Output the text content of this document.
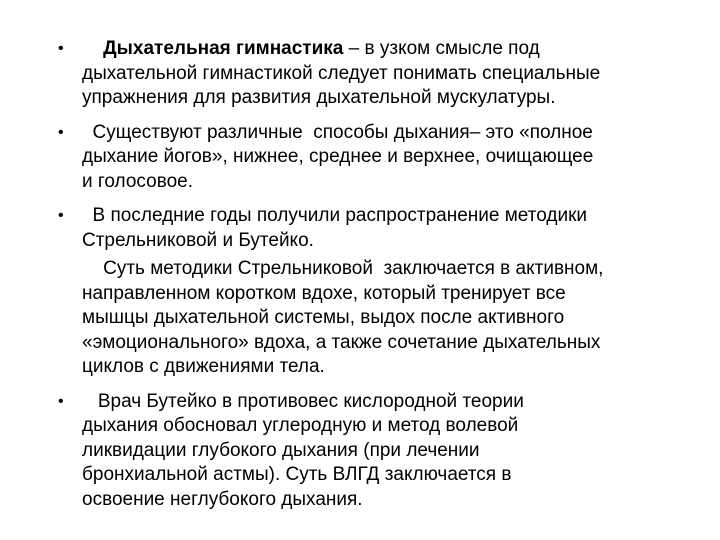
•	Дыхательная гимнастика – в узком смысле под
дыхательной гимнастикой следует понимать специальные
упражнения для развития дыхательной мускулатуры.
• Существуют различные  способы дыхания– это «полное
дыхание йогов», нижнее, среднее и верхнее, очищающее
и голосовое.
• В последние годы получили распространение методики
Стрельниковой и Бутейко.
Суть методики Стрельниковой  заключается в активном,
направленном коротком вдохе, который тренирует все
мышцы дыхательной системы, выдох после активного
«эмоционального» вдоха, а также сочетание дыхательных
циклов с движениями тела.
• Врач Бутейко в противовес кислородной теории
дыхания обосновал углеродную и метод волевой
ликвидации глубокого дыхания (при лечении
бронхиальной астмы). Суть ВЛГД заключается в
освоение неглубокого дыхания.
